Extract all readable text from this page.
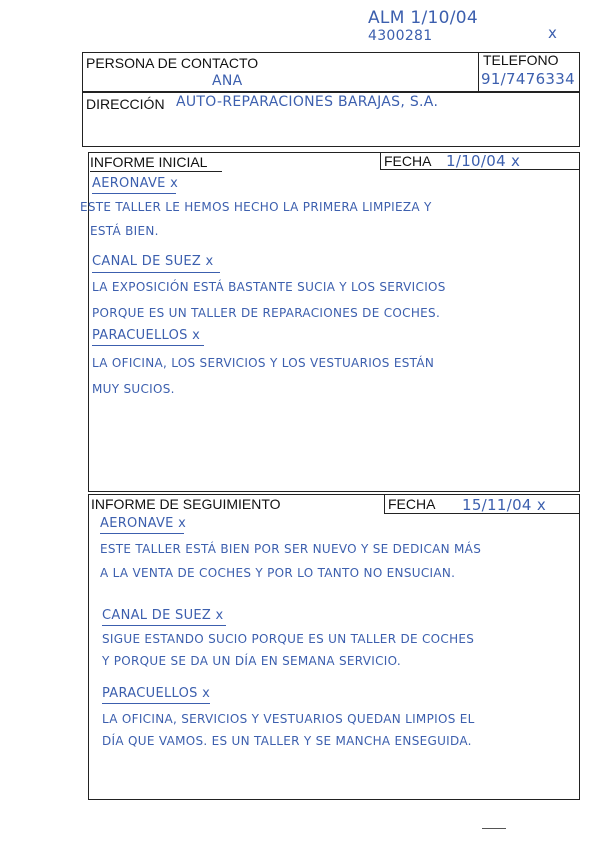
ALM 1/10/04
4300281	x
PERSONA DE CONTACTO
ANA
TELEFONO
91/7476334
DIRECCIÓN AUTO-REPARACIONES BARAJAS, S.A.
INFORME INICIAL	FECHA 1/10/04 x
AERONAVE x
ESTE TALLER LE HEMOS HECHO LA PRIMERA LIMPIEZA Y
ESTÁ BIEN.
CANAL DE SUEZ x
LA EXPOSICIÓN ESTÁ BASTANTE SUCIA Y LOS SERVICIOS
PORQUE ES UN TALLER DE REPARACIONES DE COCHES.
PARACUELLOS x
LA OFICINA, LOS SERVICIOS Y LOS VESTUARIOS ESTÁN
MUY SUCIOS.
INFORME DE SEGUIMIENTO	FECHA 15/11/04 x
AERONAVE x
ESTE TALLER ESTÁ BIEN POR SER NUEVO Y SE DEDICAN MÁS
A LA VENTA DE COCHES Y POR LO TANTO NO ENSUCIAN.
CANAL DE SUEZ x
SIGUE ESTANDO SUCIO PORQUE ES UN TALLER DE COCHES
Y PORQUE SE DA UN DÍA EN SEMANA SERVICIO.
PARACUELLOS x
LA OFICINA, SERVICIOS Y VESTUARIOS QUEDAN LIMPIOS EL
DÍA QUE VAMOS. ES UN TALLER Y SE MANCHA ENSEGUIDA.
